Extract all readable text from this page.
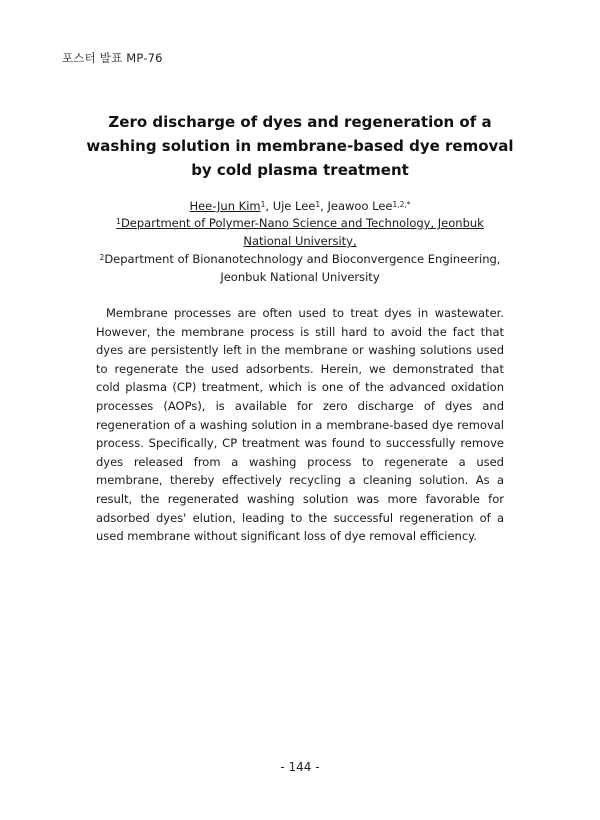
포스터 발표 MP-76
Zero discharge of dyes and regeneration of a washing solution in membrane-based dye removal by cold plasma treatment
Hee-Jun Kim$^1$, Uje Lee$^1$, Jeawoo Lee$^{1,2,*}$
$^1$Department of Polymer-Nano Science and Technology, Jeonbuk National University,
$^2$Department of Bionanotechnology and Bioconvergence Engineering, Jeonbuk National University
Membrane processes are often used to treat dyes in wastewater. However, the membrane process is still hard to avoid the fact that dyes are persistently left in the membrane or washing solutions used to regenerate the used adsorbents. Herein, we demonstrated that cold plasma (CP) treatment, which is one of the advanced oxidation processes (AOPs), is available for zero discharge of dyes and regeneration of a washing solution in a membrane-based dye removal process. Specifically, CP treatment was found to successfully remove dyes released from a washing process to regenerate a used membrane, thereby effectively recycling a cleaning solution. As a result, the regenerated washing solution was more favorable for adsorbed dyes' elution, leading to the successful regeneration of a used membrane without significant loss of dye removal efficiency.
- 144 -
